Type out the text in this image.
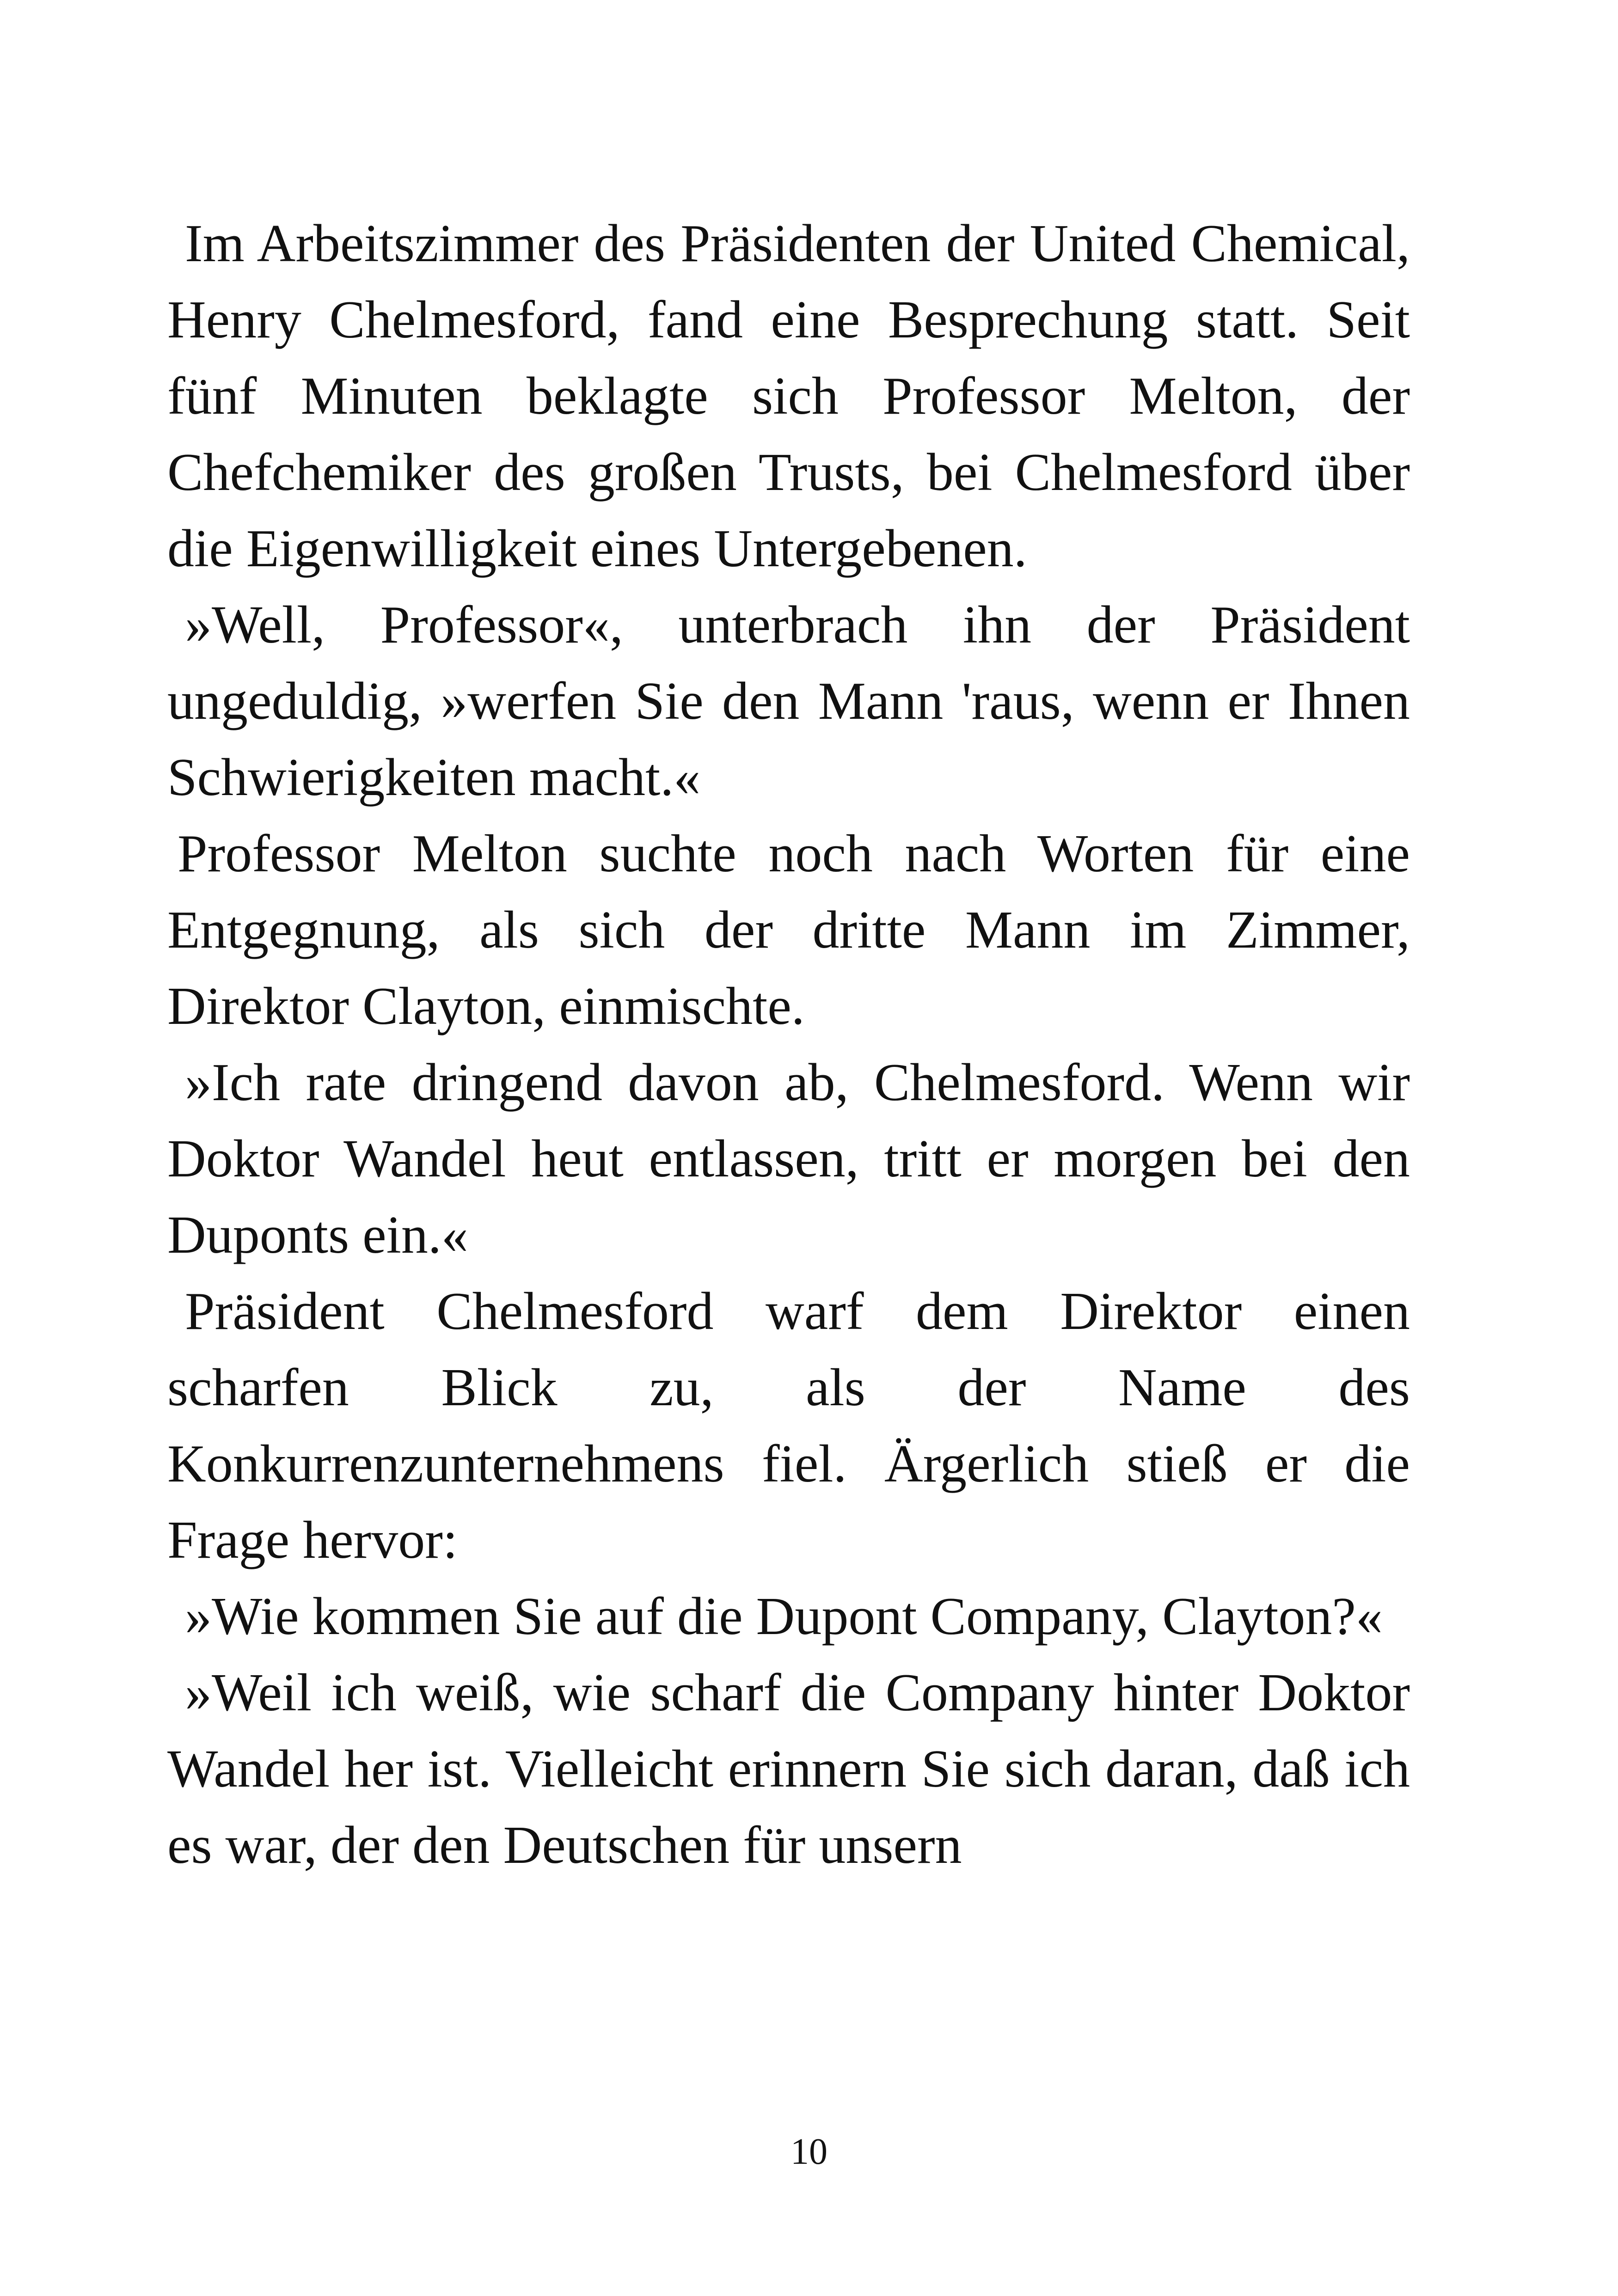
Im Arbeitszimmer des Präsidenten der United Chemical, Henry Chelmesford, fand eine Besprechung statt. Seit fünf Minuten beklagte sich Professor Melton, der Chefchemiker des großen Trusts, bei Chelmesford über die Eigenwilligkeit eines Untergebenen.

»Well, Professor«, unterbrach ihn der Präsident ungeduldig, »werfen Sie den Mann 'raus, wenn er Ihnen Schwierigkeiten macht.«

Professor Melton suchte noch nach Worten für eine Entgegnung, als sich der dritte Mann im Zimmer, Direktor Clayton, einmischte.

»Ich rate dringend davon ab, Chelmesford. Wenn wir Doktor Wandel heut entlassen, tritt er morgen bei den Duponts ein.«

Präsident Chelmesford warf dem Direktor einen scharfen Blick zu, als der Name des Konkurrenzunternehmens fiel. Ärgerlich stieß er die Frage hervor:

»Wie kommen Sie auf die Dupont Company, Clayton?«

»Weil ich weiß, wie scharf die Company hinter Doktor Wandel her ist. Vielleicht erinnern Sie sich daran, daß ich es war, der den Deutschen für unsern

10
